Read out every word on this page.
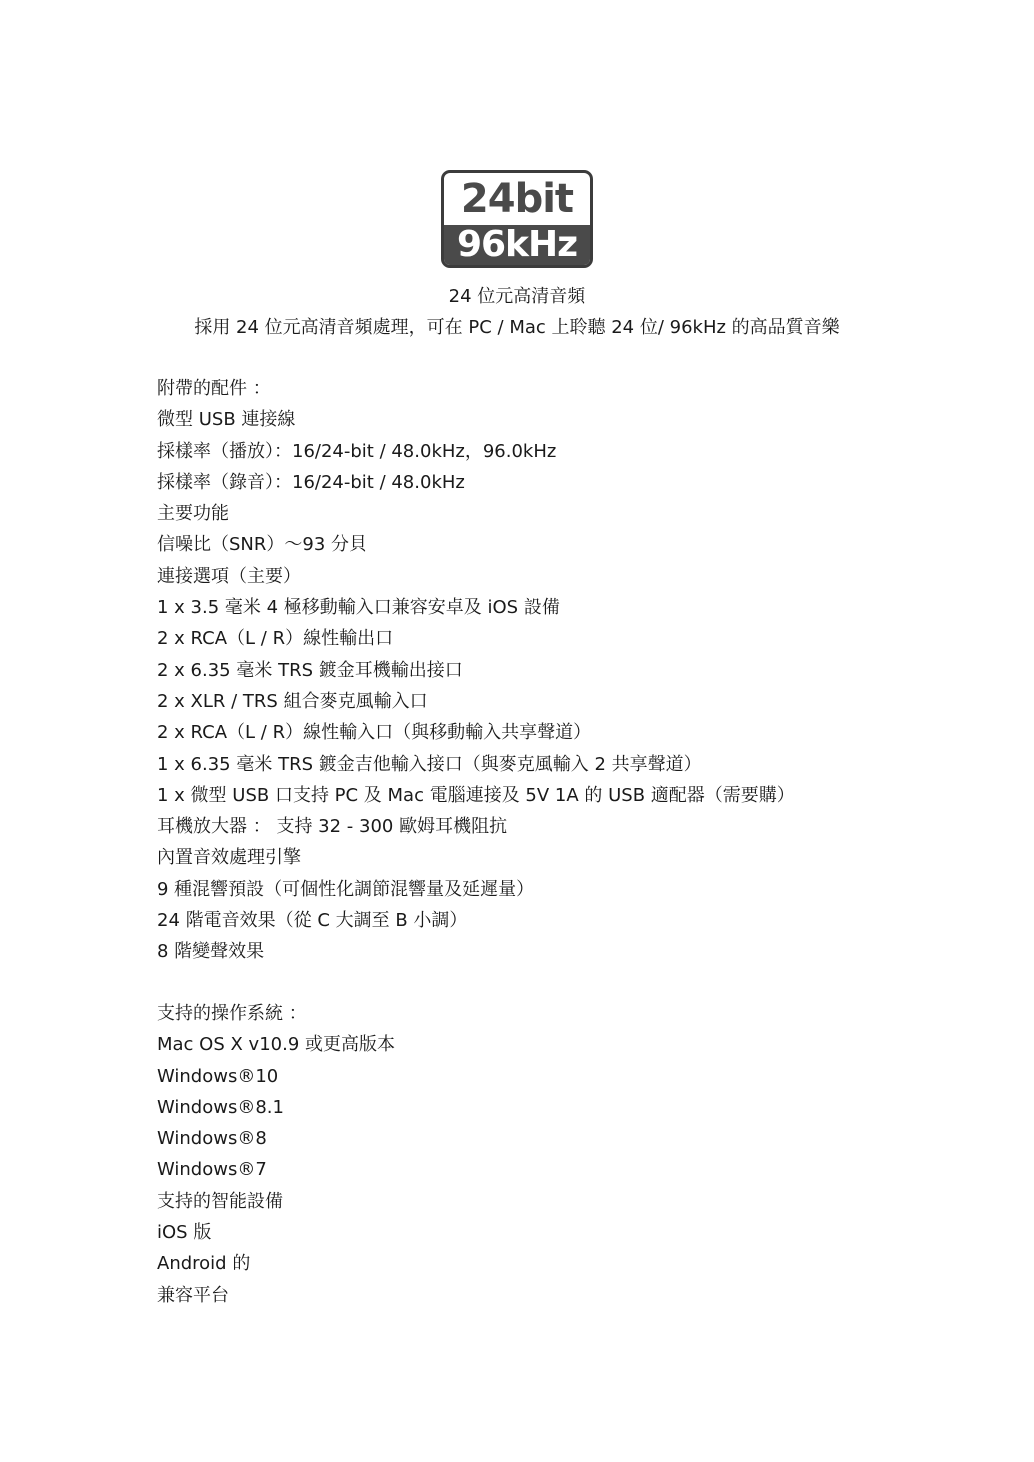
24bit
96kHz
24 位元高清音頻
採用 24 位元高清音頻處理，可在 PC / Mac 上聆聽 24 位/ 96kHz 的高品質音樂
附帶的配件 ：
微型 USB 連接線
採樣率（播放）：16/24-bit / 48.0kHz，96.0kHz
採樣率（錄音）：16/24-bit / 48.0kHz
主要功能
信噪比（SNR）～93 分貝
連接選項（主要）
1 x 3.5 毫米 4 極移動輸入口兼容安卓及 iOS 設備
2 x RCA（L / R）線性輸出口
2 x 6.35 毫米 TRS 鍍金耳機輸出接口
2 x XLR / TRS 組合麥克風輸入口
2 x RCA（L / R）線性輸入口（與移動輸入共享聲道）
1 x 6.35 毫米 TRS 鍍金吉他輸入接口（與麥克風輸入 2 共享聲道）
1 x 微型 USB 口支持 PC 及 Mac 電腦連接及 5V 1A 的 USB 適配器（需要購）
耳機放大器 ： 支持 32 - 300 歐姆耳機阻抗
內置音效處理引擎
9 種混響預設（可個性化調節混響量及延遲量）
24 階電音效果（從 C 大調至 B 小調）
8 階變聲效果
支持的操作系統 ：
Mac OS X v10.9 或更高版本
Windows®10
Windows®8.1
Windows®8
Windows®7
支持的智能設備
iOS 版
Android 的
兼容平台
